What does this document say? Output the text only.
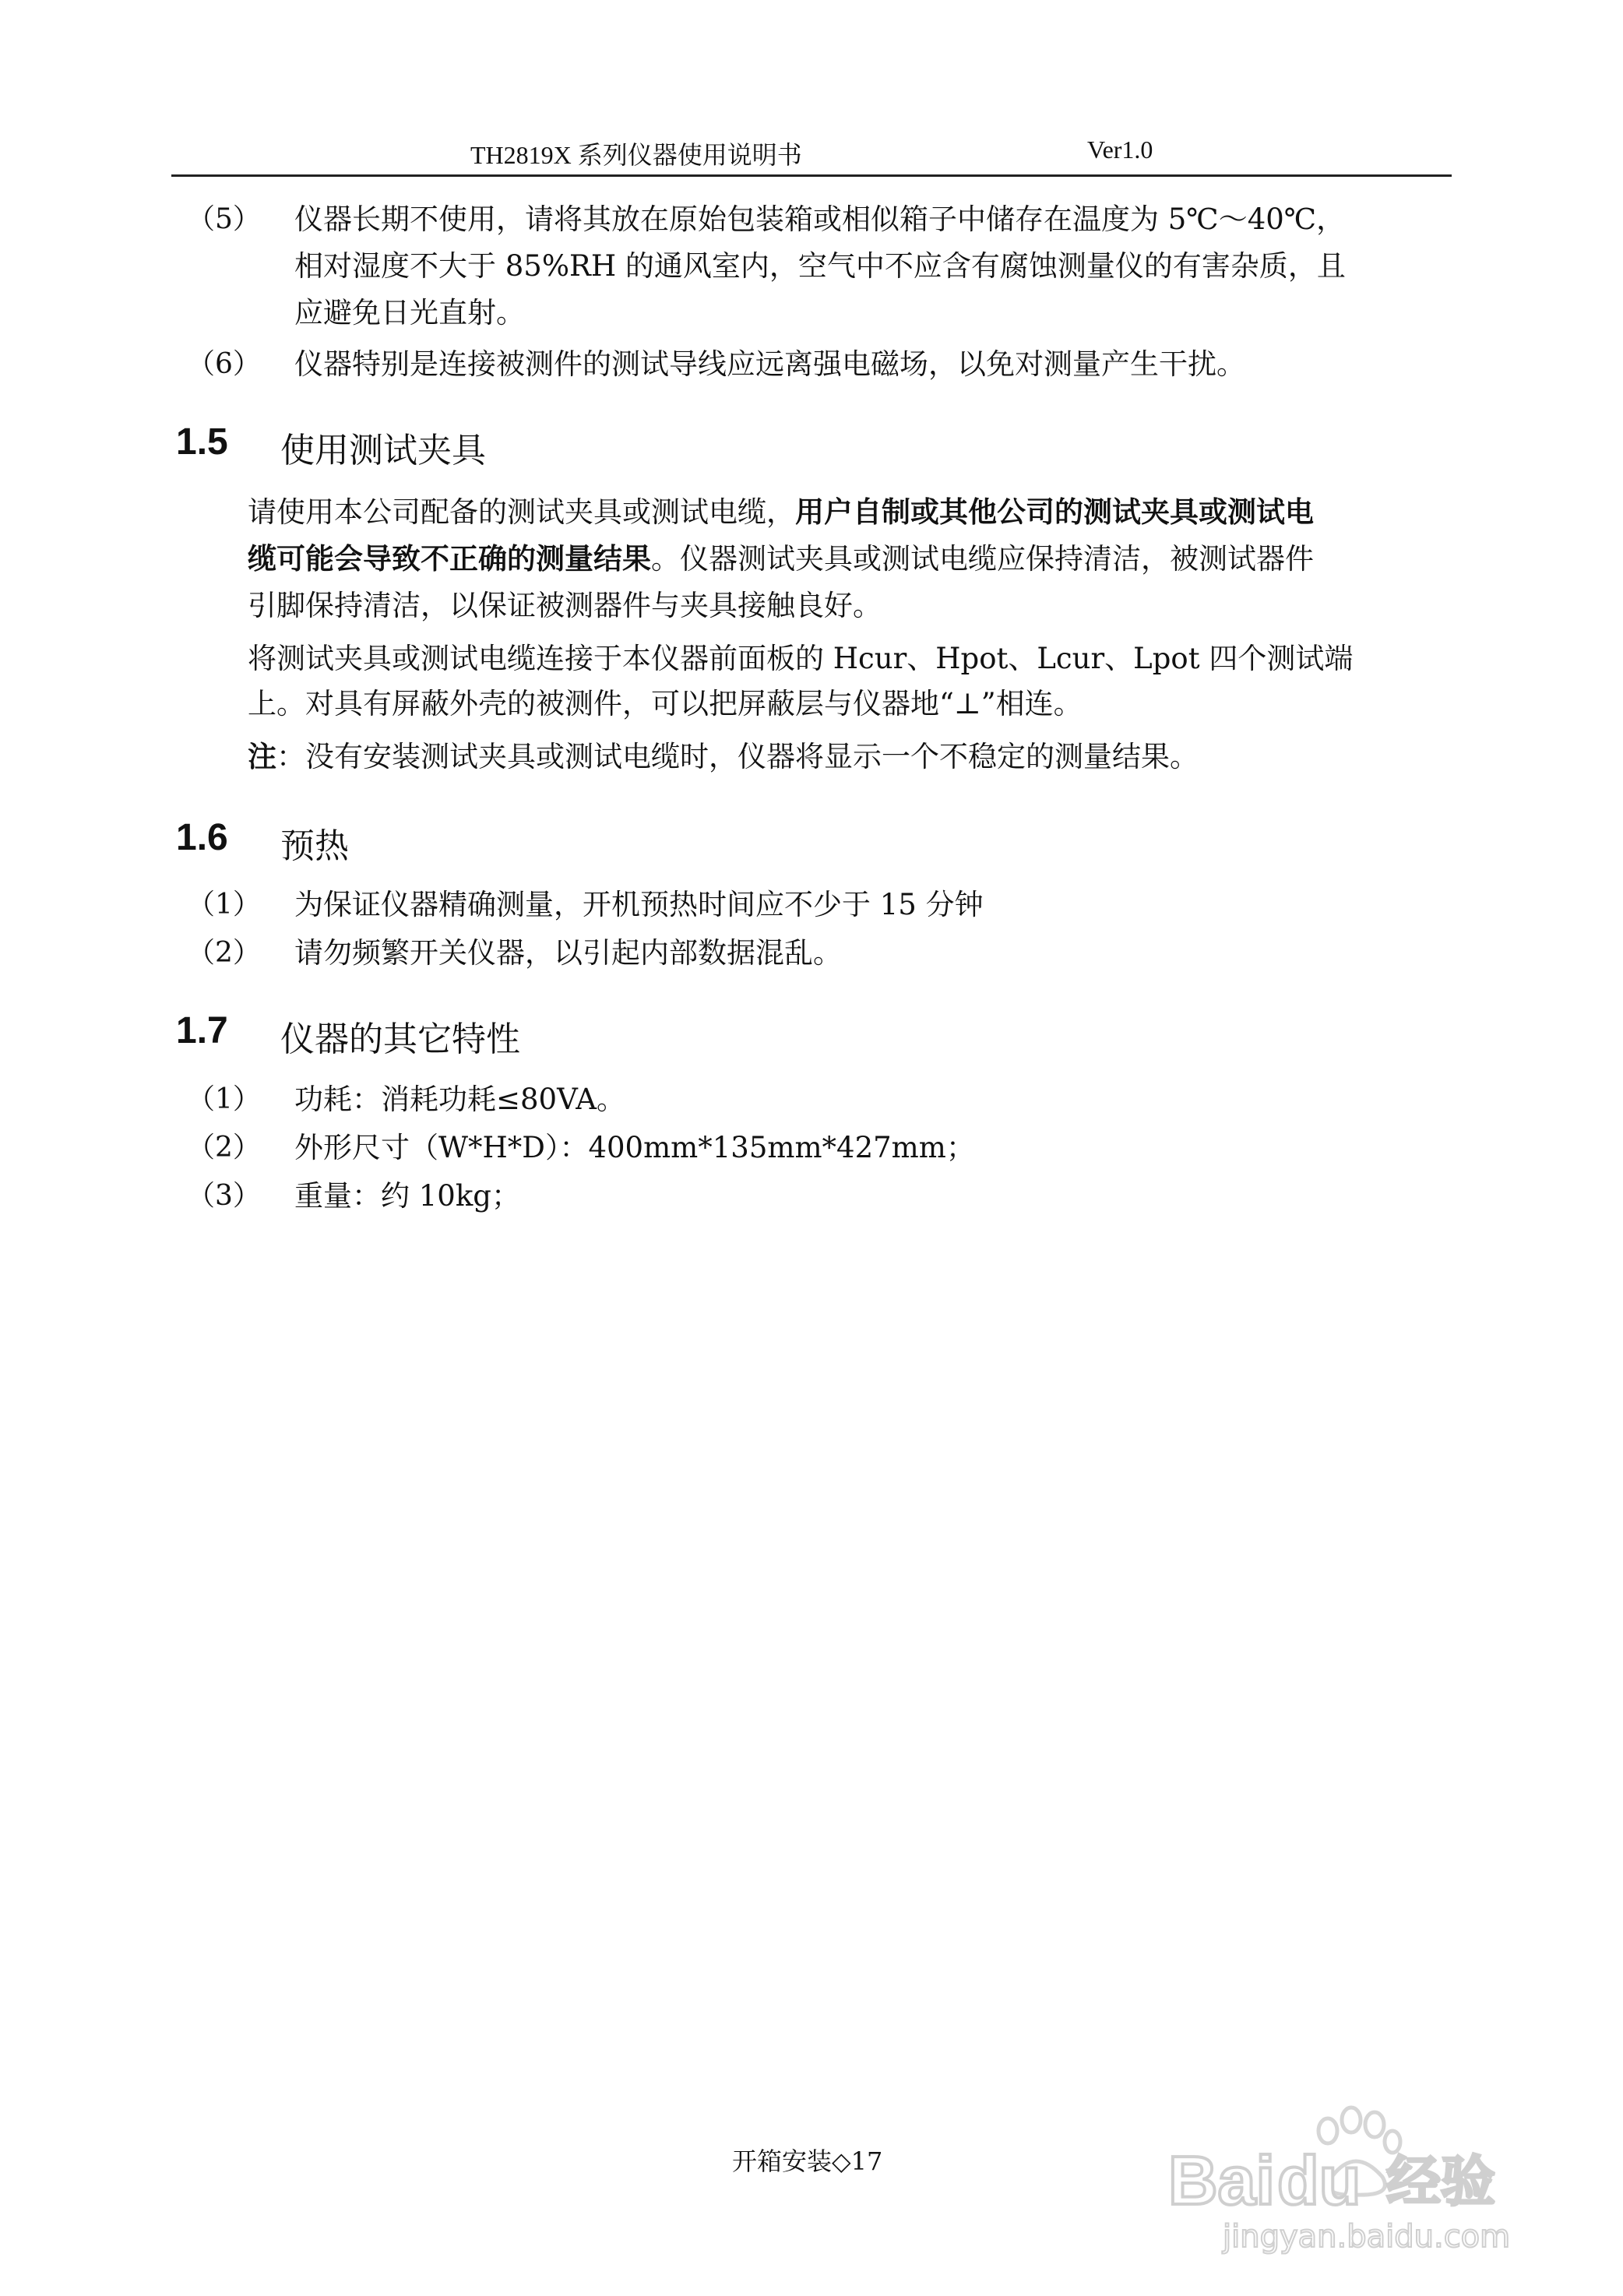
TH2819X 系列仪器使用说明书	Ver1.0
（5） 仪器长期不使用，请将其放在原始包装箱或相似箱子中储存在温度为 5℃～40℃，
相对湿度不大于 85%RH 的通风室内，空气中不应含有腐蚀测量仪的有害杂质，且
应避免日光直射。
（6） 仪器特别是连接被测件的测试导线应远离强电磁场，以免对测量产生干扰。
1.5 使用测试夹具
请使用本公司配备的测试夹具或测试电缆，用户自制或其他公司的测试夹具或测试电
缆可能会导致不正确的测量结果。仪器测试夹具或测试电缆应保持清洁，被测试器件
引脚保持清洁，以保证被测器件与夹具接触良好。
将测试夹具或测试电缆连接于本仪器前面板的 Hcur、Hpot、Lcur、Lpot 四个测试端
上。对具有屏蔽外壳的被测件，可以把屏蔽层与仪器地“⊥”相连。
注：没有安装测试夹具或测试电缆时，仪器将显示一个不稳定的测量结果。
1.6 预热
（1） 为保证仪器精确测量，开机预热时间应不少于 15 分钟
（2） 请勿频繁开关仪器，以引起内部数据混乱。
1.7 仪器的其它特性
（1） 功耗：消耗功耗≤80VA。
（2） 外形尺寸（W*H*D）：400mm*135mm*427mm；
（3） 重量：约 10kg；
开箱安装◇17	Bai du 经验
jingyan.baidu.com
